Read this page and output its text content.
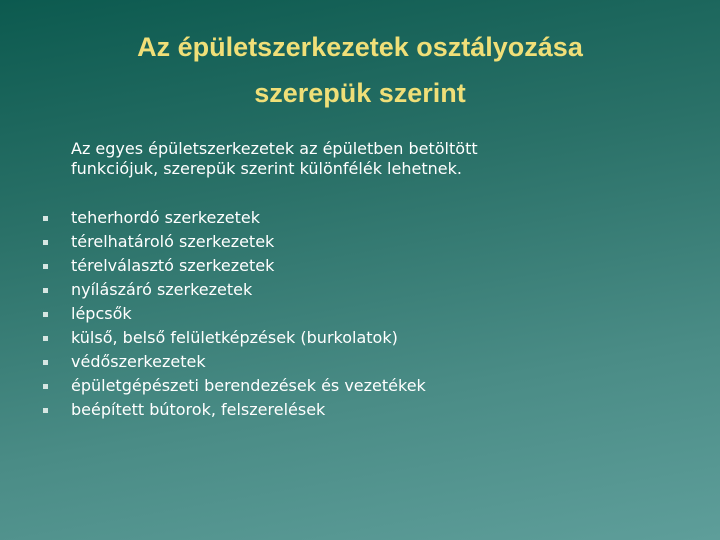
Az épületszerkezetek osztályozása
szerepük szerint
Az egyes épületszerkezetek az épületben betöltött
funkciójuk, szerepük szerint különfélék lehetnek.
teherhordó szerkezetek
térelhatároló szerkezetek
térelválasztó szerkezetek
nyílászáró szerkezetek
lépcsők
külső, belső felületképzések (burkolatok)
védőszerkezetek
épületgépészeti berendezések és vezetékek
beépített bútorok, felszerelések
